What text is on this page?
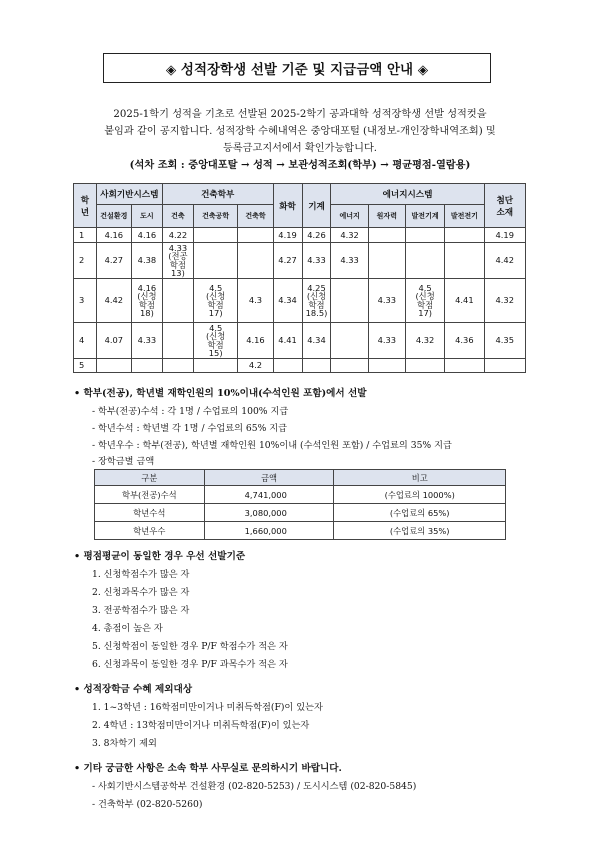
◈ 성적장학생 선발 기준 및 지급금액 안내 ◈
2025-1학기 성적을 기초로 선발된 2025-2학기 공과대학 성적장학생 선발 성적컷을
붙임과 같이 공지합니다. 성적장학 수혜내역은 중앙대포털 (내정보-개인장학내역조회) 및
등록금고지서에서 확인가능합니다.
(석차 조회 : 중앙대포탈 → 성적 → 보관성적조회(학부) → 평균평점-열람용)
학년	사회기반시스템		건축학부			화학	기계	에너지시스템				첨단소재
	건설환경	도시	건축	건축공학	건축학			에너지	원자력	발전기계	발전전기	
1	4.16	4.16	4.22			4.19	4.26	4.32				4.19
2	4.27	4.38	4.33
(전공
학점
13)			4.27	4.33	4.33				4.42
3	4.42	4.16
(신청
학점
18)		4.5
(신청
학점
17)	4.3	4.34	4.25
(신청
학점
18.5)		4.33	4.5
(신청
학점
17)	4.41	4.32
4	4.07	4.33		4.5
(신청
학점
15)	4.16	4.41	4.34		4.33	4.32	4.36	4.35
5					4.2							
• 학부(전공), 학년별 재학인원의 10%이내(수석인원 포함)에서 선발
- 학부(전공)수석 : 각 1명 / 수업료의 100% 지급
- 학년수석 : 학년별 각 1명 / 수업료의 65% 지급
- 학년우수 : 학부(전공), 학년별 재학인원 10%이내 (수석인원 포함) / 수업료의 35% 지급
- 장학금별 금액
구분	금액	비고
학부(전공)수석	4,741,000	(수업료의 1000%)
학년수석	3,080,000	(수업료의 65%)
학년우수	1,660,000	(수업료의 35%)
• 평점평균이 동일한 경우 우선 선발기준
1. 신청학점수가 많은 자
2. 신청과목수가 많은 자
3. 전공학점수가 많은 자
4. 총점이 높은 자
5. 신청학점이 동일한 경우 P/F 학점수가 적은 자
6. 신청과목이 동일한 경우 P/F 과목수가 적은 자
• 성적장학금 수혜 제외대상
1. 1~3학년 : 16학점미만이거나 미취득학점(F)이 있는자
2. 4학년 : 13학점미만이거나 미취득학점(F)이 있는자
3. 8차학기 제외
• 기타 궁금한 사항은 소속 학부 사무실로 문의하시기 바랍니다.
- 사회기반시스템공학부 건설환경 (02-820-5253) / 도시시스템 (02-820-5845)
- 건축학부 (02-820-5260)
